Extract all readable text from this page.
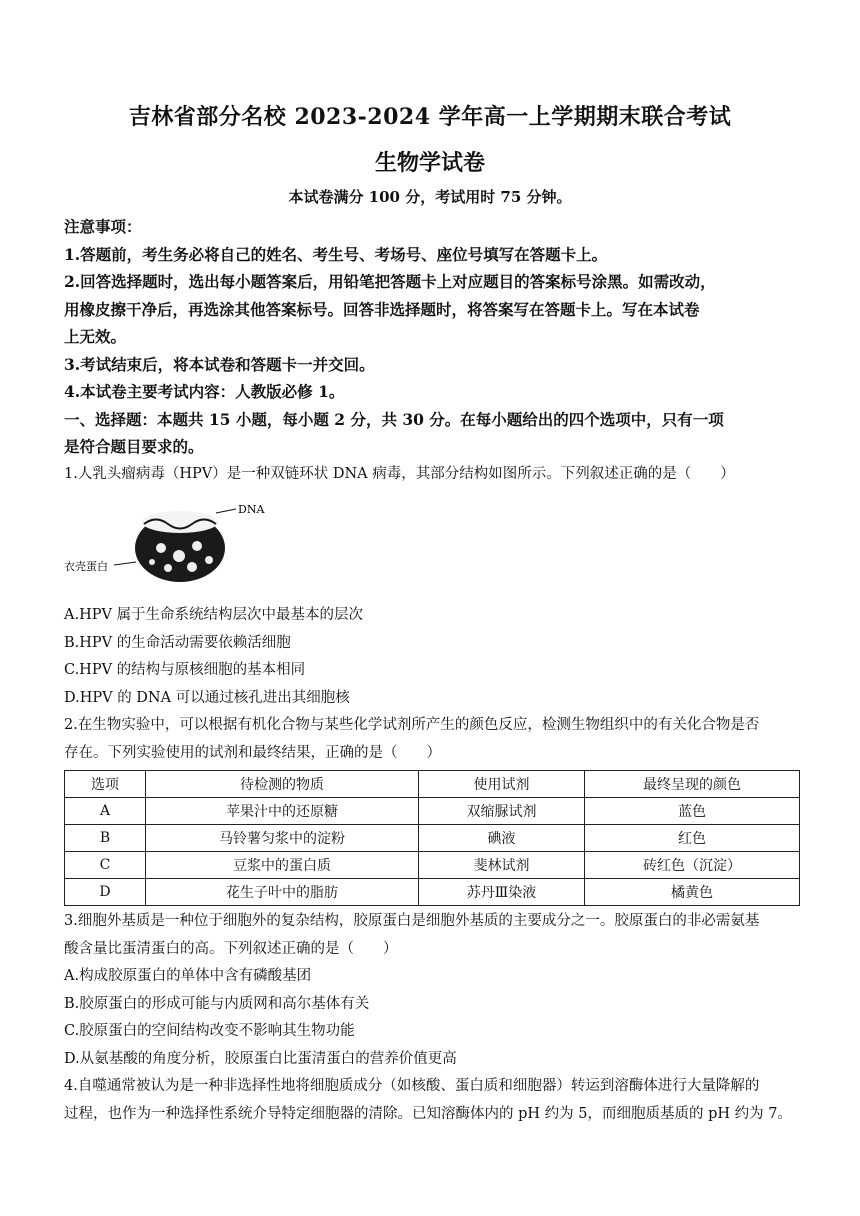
吉林省部分名校 2023-2024 学年高一上学期期末联合考试
生物学试卷
本试卷满分 100 分，考试用时 75 分钟。
注意事项：
1.答题前，考生务必将自己的姓名、考生号、考场号、座位号填写在答题卡上。
2.回答选择题时，选出每小题答案后，用铅笔把答题卡上对应题目的答案标号涂黑。如需改动，
用橡皮擦干净后，再选涂其他答案标号。回答非选择题时，将答案写在答题卡上。写在本试卷
上无效。
3.考试结束后，将本试卷和答题卡一并交回。
4.本试卷主要考试内容：人教版必修 1。
一、选择题：本题共 15 小题，每小题 2 分，共 30 分。在每小题给出的四个选项中，只有一项
是符合题目要求的。
1.人乳头瘤病毒（HPV）是一种双链环状 DNA 病毒，其部分结构如图所示。下列叙述正确的是（　　）
DNA
衣壳蛋白
A.HPV 属于生命系统结构层次中最基本的层次
B.HPV 的生命活动需要依赖活细胞
C.HPV 的结构与原核细胞的基本相同
D.HPV 的 DNA 可以通过核孔进出其细胞核
2.在生物实验中，可以根据有机化合物与某些化学试剂所产生的颜色反应，检测生物组织中的有关化合物是否
存在。下列实验使用的试剂和最终结果，正确的是（　　）
选项	待检测的物质	使用试剂	最终呈现的颜色
A	苹果汁中的还原糖	双缩脲试剂	蓝色
B	马铃薯匀浆中的淀粉	碘液	红色
C	豆浆中的蛋白质	斐林试剂	砖红色（沉淀）
D	花生子叶中的脂肪	苏丹Ⅲ染液	橘黄色
3.细胞外基质是一种位于细胞外的复杂结构，胶原蛋白是细胞外基质的主要成分之一。胶原蛋白的非必需氨基
酸含量比蛋清蛋白的高。下列叙述正确的是（　　）
A.构成胶原蛋白的单体中含有磷酸基团
B.胶原蛋白的形成可能与内质网和高尔基体有关
C.胶原蛋白的空间结构改变不影响其生物功能
D.从氨基酸的角度分析，胶原蛋白比蛋清蛋白的营养价值更高
4.自噬通常被认为是一种非选择性地将细胞质成分（如核酸、蛋白质和细胞器）转运到溶酶体进行大量降解的
过程，也作为一种选择性系统介导特定细胞器的清除。已知溶酶体内的 pH 约为 5，而细胞质基质的 pH 约为 7。
